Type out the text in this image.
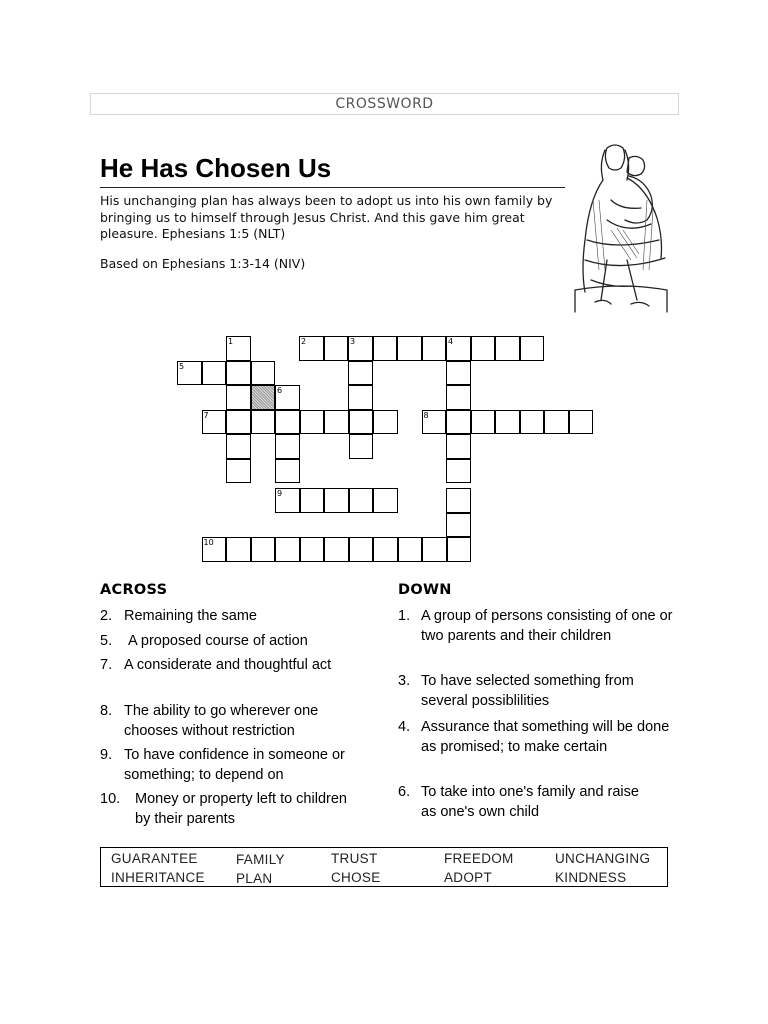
CROSSWORD
He Has Chosen Us

His unchanging plan has always been to adopt us into his own family by bringing us to himself through Jesus Christ. And this gave him great pleasure. Ephesians 1:5 (NLT)

Based on Ephesians 1:3-14 (NIV)

1	2	3	4
5
6
7	8
9
10
ACROSS
2. Remaining the same
5.	A proposed course of action
7. A considerate and thoughtful act
8. The ability to go wherever one chooses without restriction
9. To have confidence in someone or something; to depend on
10.	Money or property left to children by their parents
DOWN
1. A group of persons consisting of one or two parents and their children
3. To have selected something from several possiblilities
4. Assurance that something will be done as promised; to make certain
6. To take into one's family and raise as one's own child
GUARANTEE	FAMILY	TRUST	FREEDOM	UNCHANGING
INHERITANCE PLAN	CHOSE	ADOPT	KINDNESS
